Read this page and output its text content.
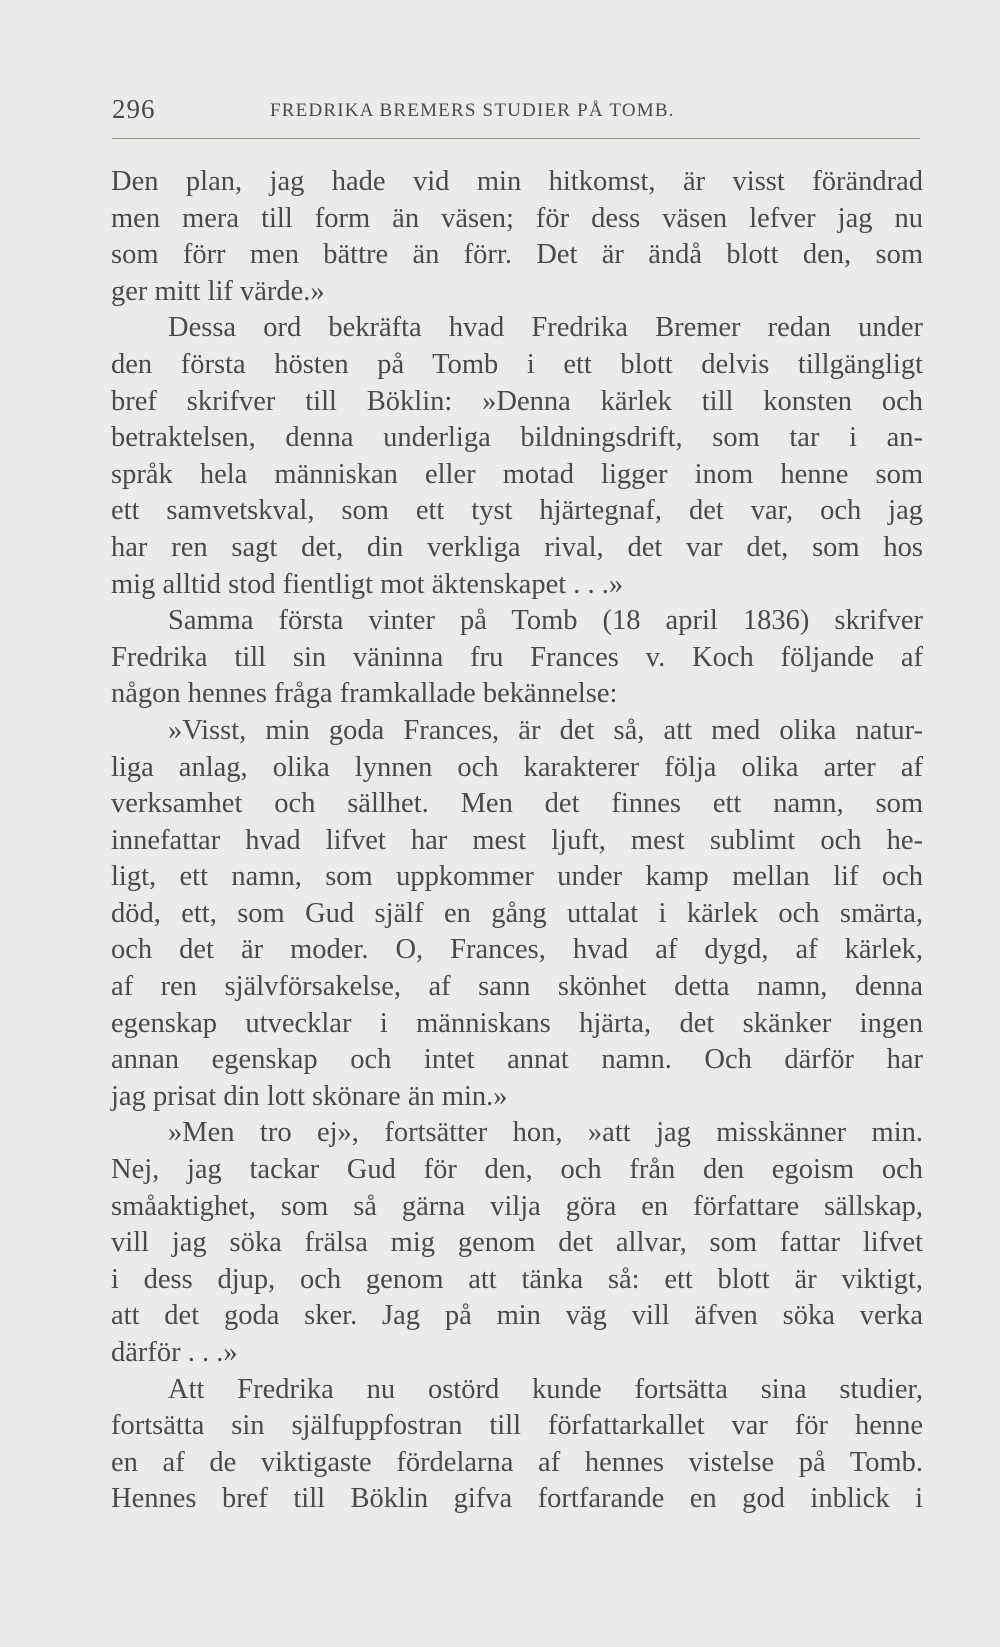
296	FREDRIKA BREMERS STUDIER PÅ TOMB.
Den plan, jag hade vid min hitkomst, är visst förändrad
men mera till form än väsen; för dess väsen lefver jag nu
som förr men bättre än förr. Det är ändå blott den, som
ger mitt lif värde.»
Dessa ord bekräfta hvad Fredrika Bremer redan under
den första hösten på Tomb i ett blott delvis tillgängligt
bref skrifver till Böklin: »Denna kärlek till konsten och
betraktelsen, denna underliga bildningsdrift, som tar i an-
språk hela människan eller motad ligger inom henne som
ett samvetskval, som ett tyst hjärtegnaf, det var, och jag
har ren sagt det, din verkliga rival, det var det, som hos
mig alltid stod fientligt mot äktenskapet . . .»
Samma första vinter på Tomb (18 april 1836) skrifver
Fredrika till sin väninna fru Frances v. Koch följande af
någon hennes fråga framkallade bekännelse:
»Visst, min goda Frances, är det så, att med olika natur-
liga anlag, olika lynnen och karakterer följa olika arter af
verksamhet och sällhet. Men det finnes ett namn, som
innefattar hvad lifvet har mest ljuft, mest sublimt och he-
ligt, ett namn, som uppkommer under kamp mellan lif och
död, ett, som Gud själf en gång uttalat i kärlek och smärta,
och det är moder. O, Frances, hvad af dygd, af kärlek,
af ren självförsakelse, af sann skönhet detta namn, denna
egenskap utvecklar i människans hjärta, det skänker ingen
annan egenskap och intet annat namn. Och därför har
jag prisat din lott skönare än min.»
»Men tro ej», fortsätter hon, »att jag misskänner min.
Nej, jag tackar Gud för den, och från den egoism och
småaktighet, som så gärna vilja göra en författare sällskap,
vill jag söka frälsa mig genom det allvar, som fattar lifvet
i dess djup, och genom att tänka så: ett blott är viktigt,
att det goda sker. Jag på min väg vill äfven söka verka
därför . . .»
Att Fredrika nu ostörd kunde fortsätta sina studier,
fortsätta sin själfuppfostran till författarkallet var för henne
en af de viktigaste fördelarna af hennes vistelse på Tomb.
Hennes bref till Böklin gifva fortfarande en god inblick i
